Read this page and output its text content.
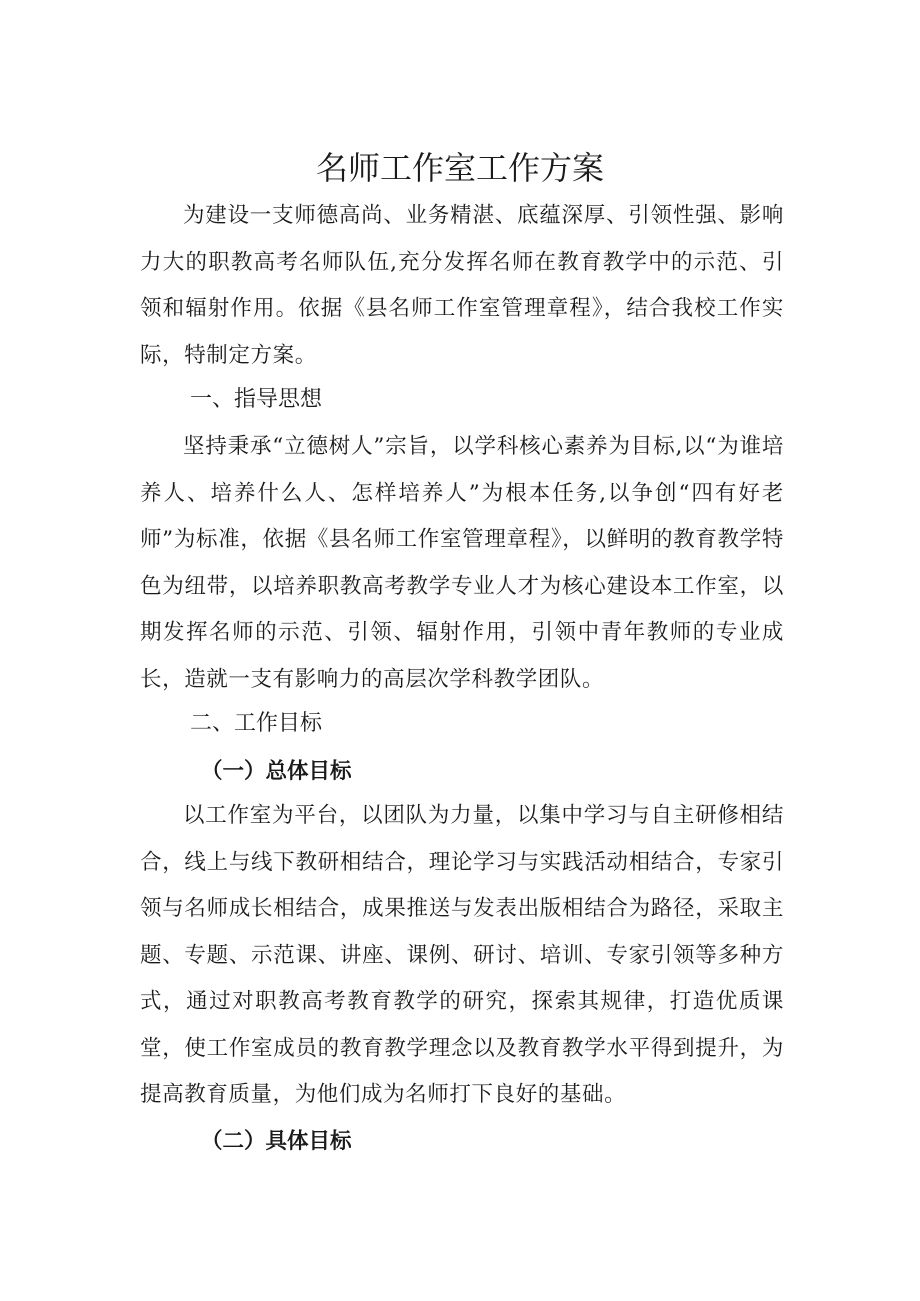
名师工作室工作方案

为建设一支师德高尚、业务精湛、底蕴深厚、引领性强、影响力大的职教高考名师队伍,充分发挥名师在教育教学中的示范、引领和辐射作用。依据《县名师工作室管理章程》，结合我校工作实际，特制定方案。

一、指导思想

坚持秉承“立德树人”宗旨，以学科核心素养为目标,以“为谁培养人、培养什么人、怎样培养人”为根本任务,以争创“四有好老师”为标准，依据《县名师工作室管理章程》，以鲜明的教育教学特色为纽带，以培养职教高考教学专业人才为核心建设本工作室，以期发挥名师的示范、引领、辐射作用，引领中青年教师的专业成长，造就一支有影响力的高层次学科教学团队。

二、工作目标
（一）总体目标

以工作室为平台，以团队为力量，以集中学习与自主研修相结合，线上与线下教研相结合，理论学习与实践活动相结合，专家引领与名师成长相结合，成果推送与发表出版相结合为路径，采取主题、专题、示范课、讲座、课例、研讨、培训、专家引领等多种方式，通过对职教高考教育教学的研究，探索其规律，打造优质课堂，使工作室成员的教育教学理念以及教育教学水平得到提升，为提高教育质量，为他们成为名师打下良好的基础。

（二）具体目标
